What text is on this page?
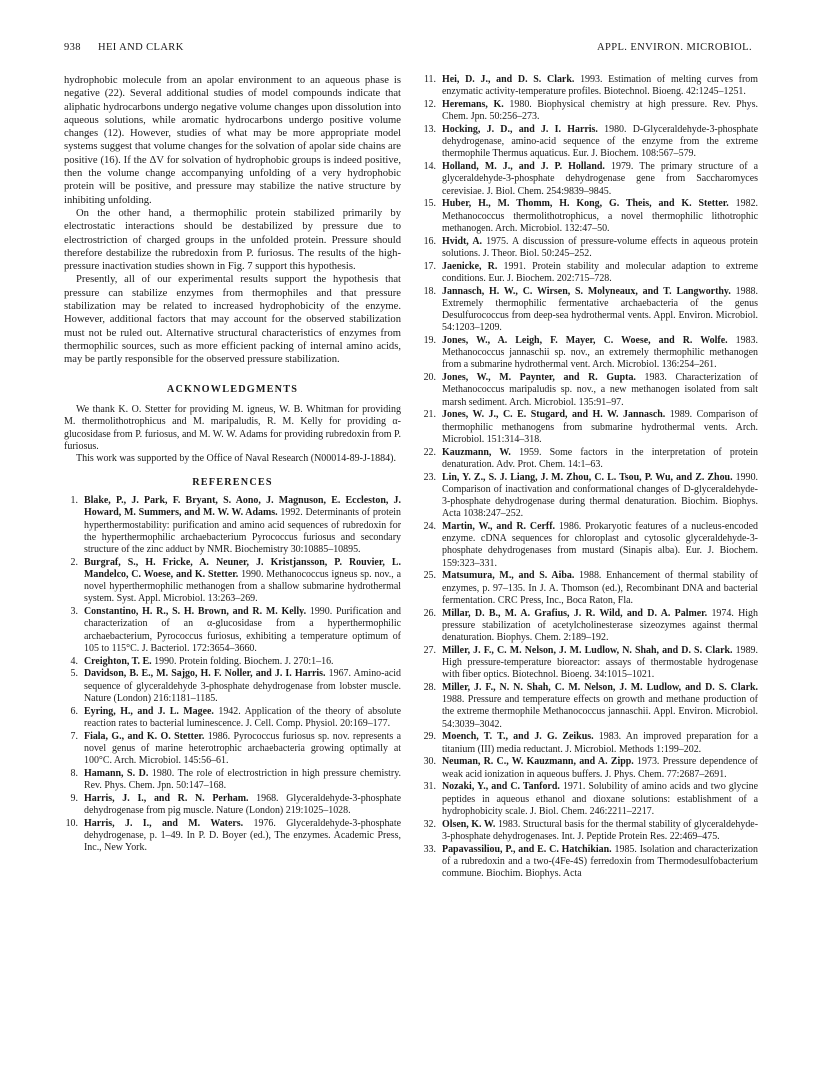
938 HEI AND CLARK	APPL. ENVIRON. MICROBIOL.

hydrophobic molecule from an apolar environment to an aqueous phase is negative (22). Several additional studies of model compounds indicate that aliphatic hydrocarbons undergo negative volume changes upon dissolution into aqueous solutions, while aromatic hydrocarbons undergo positive volume changes (12). However, studies of what may be more appropriate model systems suggest that volume changes for the solvation of apolar side chains are positive (16). If the ΔV for solvation of hydrophobic groups is indeed positive, then the volume change accompanying unfolding of a very hydrophobic protein will be positive, and pressure may stabilize the native structure by inhibiting unfolding.

On the other hand, a thermophilic protein stabilized primarily by electrostatic interactions should be destabilized by pressure due to electrostriction of charged groups in the unfolded protein. Pressure should therefore destabilize the rubredoxin from P. furiosus. The results of the high-pressure inactivation studies shown in Fig. 7 support this hypothesis.

Presently, all of our experimental results support the hypothesis that pressure can stabilize enzymes from thermophiles and that pressure stabilization may be related to increased hydrophobicity of the enzyme. However, additional factors that may account for the observed stabilization must not be ruled out. Alternative structural characteristics of enzymes from thermophilic sources, such as more efficient packing of internal amino acids, may be partly responsible for the observed pressure stabilization.

ACKNOWLEDGMENTS

We thank K. O. Stetter for providing M. igneus, W. B. Whitman for providing M. thermolithotrophicus and M. maripaludis, R. M. Kelly for providing α-glucosidase from P. furiosus, and M. W. W. Adams for providing rubredoxin from P. furiosus.

This work was supported by the Office of Naval Research (N00014-89-J-1884).

REFERENCES
1. Blake, P., J. Park, F. Bryant, S. Aono, J. Magnuson, E. Eccleston, J. Howard, M. Summers, and M. W. W. Adams. 1992. Determinants of protein hyperthermostability: purification and amino acid sequences of rubredoxin for the hyperthermophilic archaebacterium Pyrococcus furiosus and secondary structure of the zinc adduct by NMR. Biochemistry 30:10885–10895.
2. Burgraf, S., H. Fricke, A. Neuner, J. Kristjansson, P. Rouvier, L. Mandelco, C. Woese, and K. Stetter. 1990. Methanococcus igneus sp. nov., a novel hyperthermophilic methanogen from a shallow submarine hydrothermal system. Syst. Appl. Microbiol. 13:263–269.
3. Constantino, H. R., S. H. Brown, and R. M. Kelly. 1990. Purification and characterization of an α-glucosidase from a hyperthermophilic archaebacterium, Pyrococcus furiosus, exhibiting a temperature optimum of 105 to 115°C. J. Bacteriol. 172:3654–3660.
4. Creighton, T. E. 1990. Protein folding. Biochem. J. 270:1–16.
5. Davidson, B. E., M. Sajgo, H. F. Noller, and J. I. Harris. 1967. Amino-acid sequence of glyceraldehyde 3-phosphate dehydrogenase from lobster muscle. Nature (London) 216:1181–1185.
6. Eyring, H., and J. L. Magee. 1942. Application of the theory of absolute reaction rates to bacterial luminescence. J. Cell. Comp. Physiol. 20:169–177.
7. Fiala, G., and K. O. Stetter. 1986. Pyrococcus furiosus sp. nov. represents a novel genus of marine heterotrophic archaebacteria growing optimally at 100°C. Arch. Microbiol. 145:56–61.
8. Hamann, S. D. 1980. The role of electrostriction in high pressure chemistry. Rev. Phys. Chem. Jpn. 50:147–168.
9. Harris, J. I., and R. N. Perham. 1968. Glyceraldehyde-3-phosphate dehydrogenase from pig muscle. Nature (London) 219:1025–1028.
10. Harris, J. I., and M. Waters. 1976. Glyceraldehyde-3-phosphate dehydrogenase, p. 1–49. In P. D. Boyer (ed.), The enzymes. Academic Press, Inc., New York.
11. Hei, D. J., and D. S. Clark. 1993. Estimation of melting curves from enzymatic activity-temperature profiles. Biotechnol. Bioeng. 42:1245–1251.
12. Heremans, K. 1980. Biophysical chemistry at high pressure. Rev. Phys. Chem. Jpn. 50:256–273.
13. Hocking, J. D., and J. I. Harris. 1980. D-Glyceraldehyde-3-phosphate dehydrogenase, amino-acid sequence of the enzyme from the extreme thermophile Thermus aquaticus. Eur. J. Biochem. 108:567–579.
14. Holland, M. J., and J. P. Holland. 1979. The primary structure of a glyceraldehyde-3-phosphate dehydrogenase gene from Saccharomyces cerevisiae. J. Biol. Chem. 254:9839–9845.
15. Huber, H., M. Thomm, H. Kong, G. Theis, and K. Stetter. 1982. Methanococcus thermolithotrophicus, a novel thermophilic lithotrophic methanogen. Arch. Microbiol. 132:47–50.
16. Hvidt, A. 1975. A discussion of pressure-volume effects in aqueous protein solutions. J. Theor. Biol. 50:245–252.
17. Jaenicke, R. 1991. Protein stability and molecular adaption to extreme conditions. Eur. J. Biochem. 202:715–728.
18. Jannasch, H. W., C. Wirsen, S. Molyneaux, and T. Langworthy. 1988. Extremely thermophilic fermentative archaebacteria of the genus Desulfurococcus from deep-sea hydrothermal vents. Appl. Environ. Microbiol. 54:1203–1209.
19. Jones, W., A. Leigh, F. Mayer, C. Woese, and R. Wolfe. 1983. Methanococcus jannaschii sp. nov., an extremely thermophilic methanogen from a submarine hydrothermal vent. Arch. Microbiol. 136:254–261.
20. Jones, W., M. Paynter, and R. Gupta. 1983. Characterization of Methanococcus maripaludis sp. nov., a new methanogen isolated from salt marsh sediment. Arch. Microbiol. 135:91–97.
21. Jones, W. J., C. E. Stugard, and H. W. Jannasch. 1989. Comparison of thermophilic methanogens from submarine hydrothermal vents. Arch. Microbiol. 151:314–318.
22. Kauzmann, W. 1959. Some factors in the interpretation of protein denaturation. Adv. Prot. Chem. 14:1–63.
23. Lin, Y. Z., S. J. Liang, J. M. Zhou, C. L. Tsou, P. Wu, and Z. Zhou. 1990. Comparison of inactivation and conformational changes of D-glyceraldehyde-3-phosphate dehydrogenase during thermal denaturation. Biochim. Biophys. Acta 1038:247–252.
24. Martin, W., and R. Cerff. 1986. Prokaryotic features of a nucleus-encoded enzyme. cDNA sequences for chloroplast and cytosolic glyceraldehyde-3-phosphate dehydrogenases from mustard (Sinapis alba). Eur. J. Biochem. 159:323–331.
25. Matsumura, M., and S. Aiba. 1988. Enhancement of thermal stability of enzymes, p. 97–135. In J. A. Thomson (ed.), Recombinant DNA and bacterial fermentation. CRC Press, Inc., Boca Raton, Fla.
26. Millar, D. B., M. A. Grafius, J. R. Wild, and D. A. Palmer. 1974. High pressure stabilization of acetylcholinesterase sizeozymes against thermal denaturation. Biophys. Chem. 2:189–192.
27. Miller, J. F., C. M. Nelson, J. M. Ludlow, N. Shah, and D. S. Clark. 1989. High pressure-temperature bioreactor: assays of thermostable hydrogenase with fiber optics. Biotechnol. Bioeng. 34:1015–1021.
28. Miller, J. F., N. N. Shah, C. M. Nelson, J. M. Ludlow, and D. S. Clark. 1988. Pressure and temperature effects on growth and methane production of the extreme thermophile Methanococcus jannaschii. Appl. Environ. Microbiol. 54:3039–3042.
29. Moench, T. T., and J. G. Zeikus. 1983. An improved preparation for a titanium (III) media reductant. J. Microbiol. Methods 1:199–202.
30. Neuman, R. C., W. Kauzmann, and A. Zipp. 1973. Pressure dependence of weak acid ionization in aqueous buffers. J. Phys. Chem. 77:2687–2691.
31. Nozaki, Y., and C. Tanford. 1971. Solubility of amino acids and two glycine peptides in aqueous ethanol and dioxane solutions: establishment of a hydrophobicity scale. J. Biol. Chem. 246:2211–2217.
32. Olsen, K. W. 1983. Structural basis for the thermal stability of glyceraldehyde-3-phosphate dehydrogenases. Int. J. Peptide Protein Res. 22:469–475.
33. Papavassiliou, P., and E. C. Hatchikian. 1985. Isolation and characterization of a rubredoxin and a two-(4Fe-4S) ferredoxin from Thermodesulfobacterium commune. Biochim. Biophys. Acta
